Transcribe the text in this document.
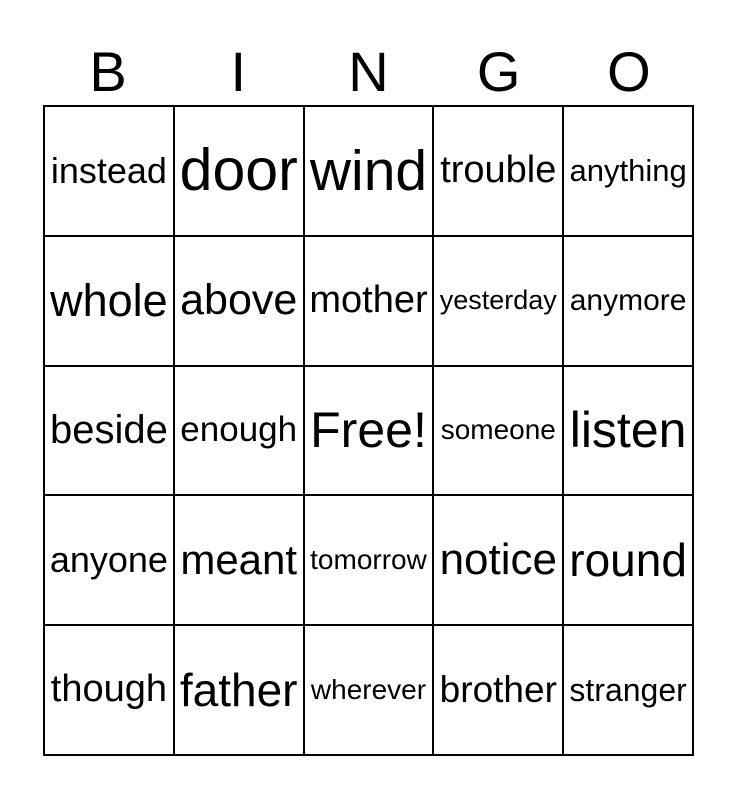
B	I	N	G	O
instead door wind trouble anything
whole above mother yesterday anymore
beside enough Free! someone listen
anyone meant tomorrow notice round
though father wherever brother stranger
